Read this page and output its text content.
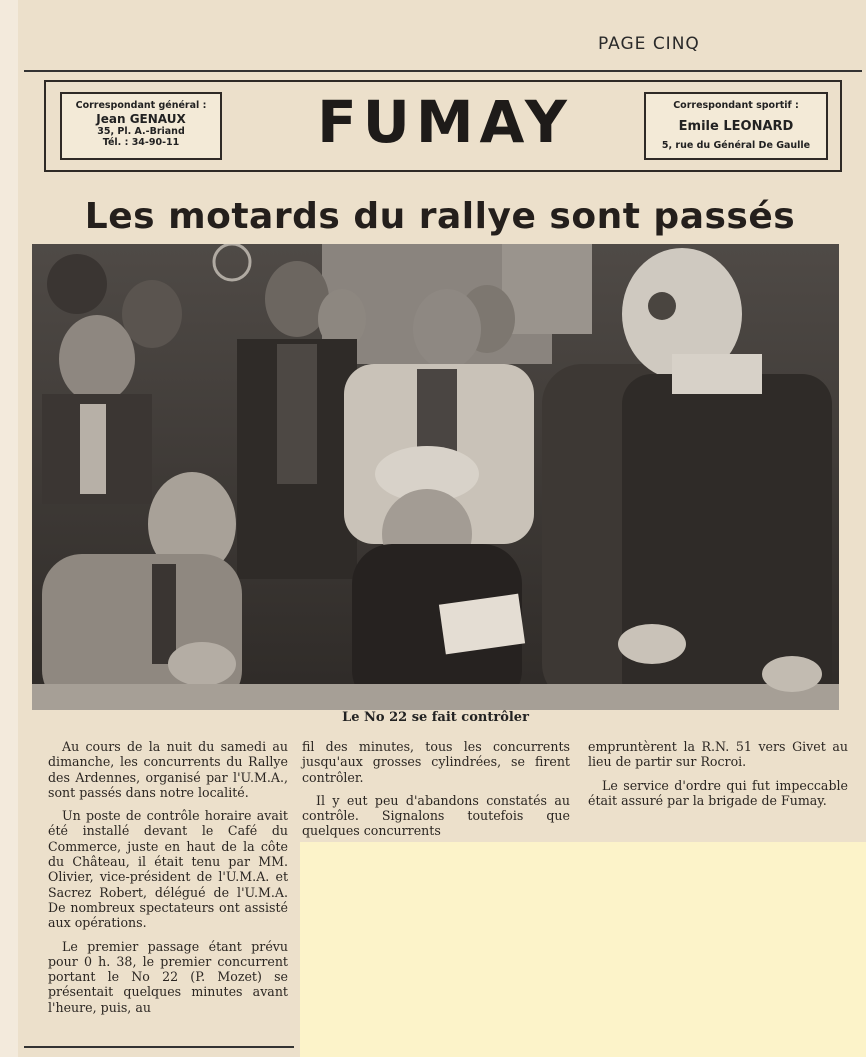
PAGE CINQ
Correspondant général :
Jean GENAUX
35, Pl. A.-Briand
Tél. : 34-90-11	FUMAY	Correspondant sportif :
Emile LEONARD
5, rue du Général De Gaulle
Les motards du rallye sont passés
Le No 22 se fait contrôler

Au cours de la nuit du samedi au dimanche, les concurrents du Rallye des Ardennes, organisé par l'U.M.A., sont passés dans notre localité.

Un poste de contrôle horaire avait été installé devant le Café du Commerce, juste en haut de la côte du Château, il était tenu par MM. Olivier, vice-président de l'U.M.A. et Sacrez Robert, délégué de l'U.M.A. De nombreux spectateurs ont assisté aux opérations.

Le premier passage étant prévu pour 0 h. 38, le premier concurrent portant le No 22 (P. Mozet) se présentait quelques minutes avant l'heure, puis, au

fil des minutes, tous les concurrents jusqu'aux grosses cylindrées, se firent contrôler.

Il y eut peu d'abandons constatés au contrôle. Signalons toutefois que quelques concurrents

empruntèrent la R.N. 51 vers Givet au lieu de partir sur Rocroi.

Le service d'ordre qui fut impeccable était assuré par la brigade de Fumay.
